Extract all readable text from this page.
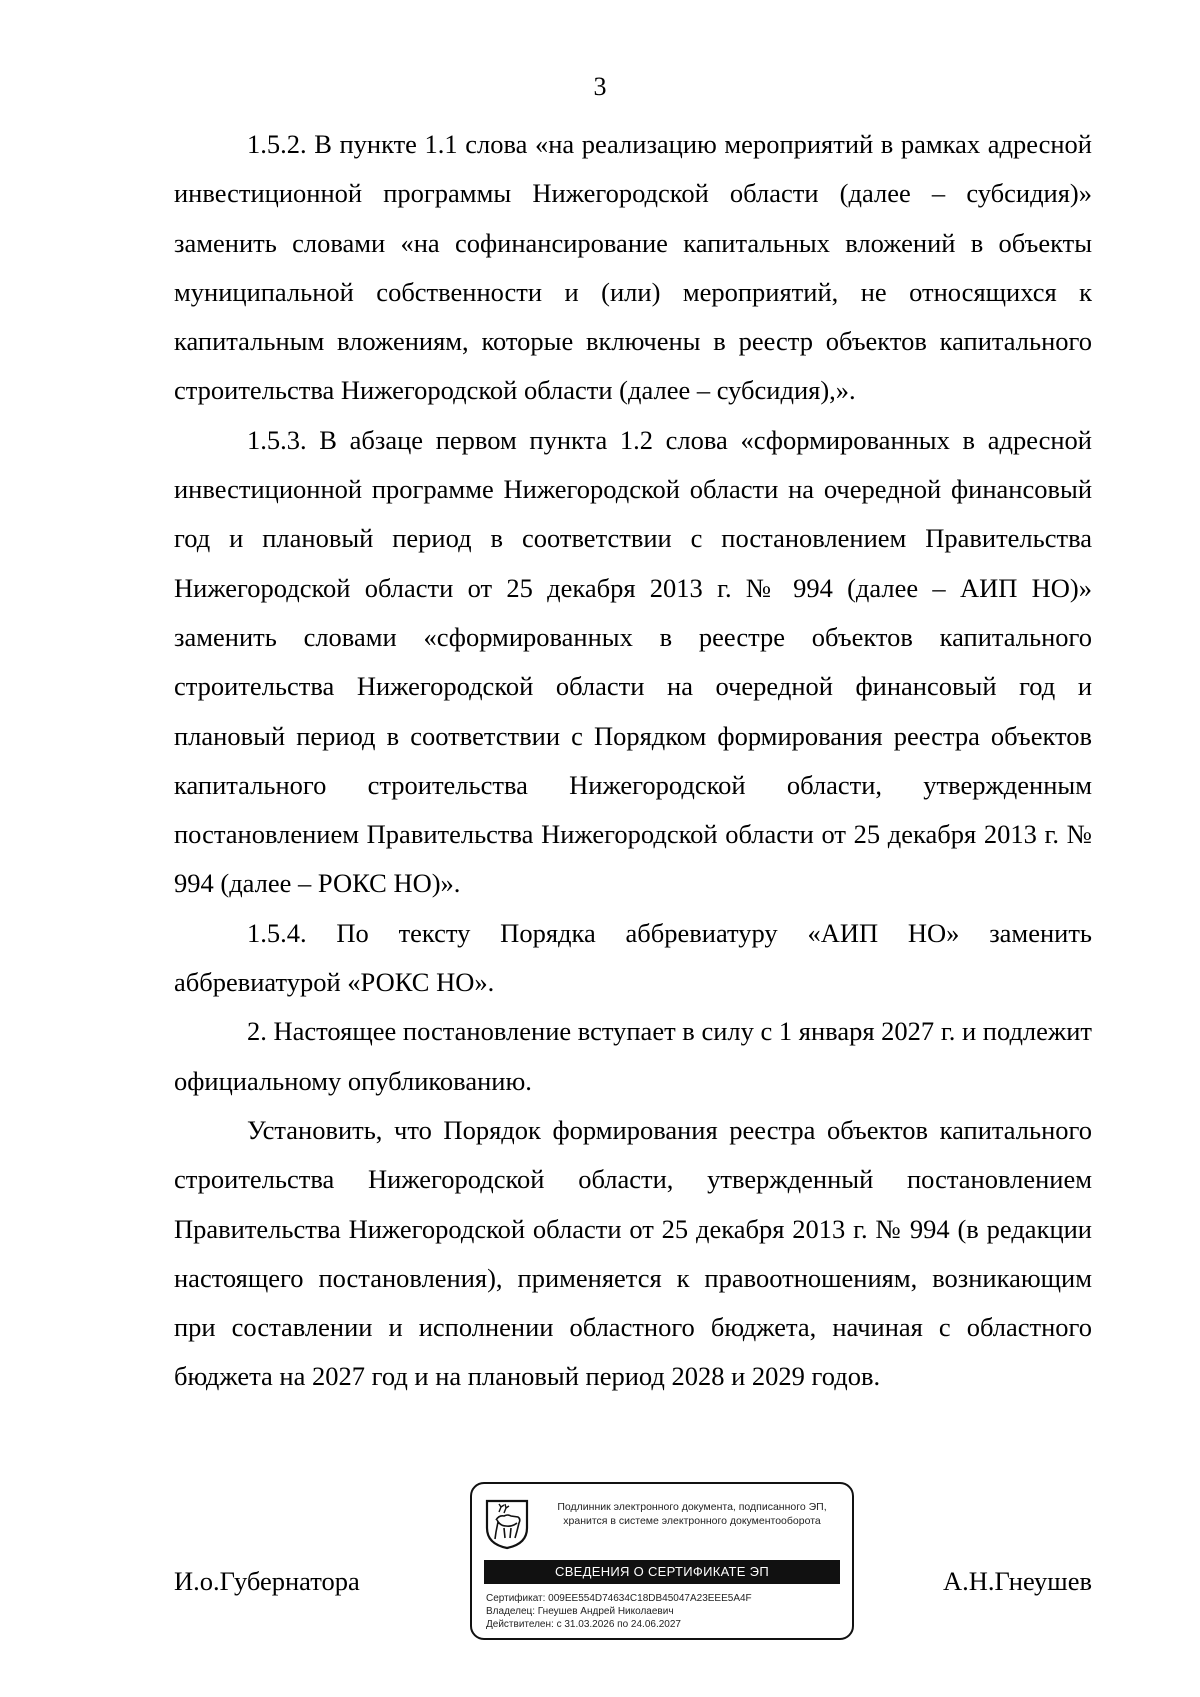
3

1.5.2. В пункте 1.1 слова «на реализацию мероприятий в рамках адресной инвестиционной программы Нижегородской области (далее – субсидия)» заменить словами «на софинансирование капитальных вложений в объекты муниципальной собственности и (или) мероприятий, не относящихся к капитальным вложениям, которые включены в реестр объектов капитального строительства Нижегородской области (далее – субсидия),».

1.5.3. В абзаце первом пункта 1.2 слова «сформированных в адресной инвестиционной программе Нижегородской области на очередной финансовый год и плановый период в соответствии с постановлением Правительства Нижегородской области от 25 декабря 2013 г. № 994 (далее – АИП НО)» заменить словами «сформированных в реестре объектов капитального строительства Нижегородской области на очередной финансовый год и плановый период в соответствии с Порядком формирования реестра объектов капитального строительства Нижегородской области, утвержденным постановлением Правительства Нижегородской области от 25 декабря 2013 г. № 994 (далее – РОКС НО)».

1.5.4. По тексту Порядка аббревиатуру «АИП НО» заменить аббревиатурой «РОКС НО».

2. Настоящее постановление вступает в силу с 1 января 2027 г. и подлежит официальному опубликованию.

Установить, что Порядок формирования реестра объектов капитального строительства Нижегородской области, утвержденный постановлением Правительства Нижегородской области от 25 декабря 2013 г. № 994 (в редакции настоящего постановления), применяется к правоотношениям, возникающим при составлении и исполнении областного бюджета, начиная с областного бюджета на 2027 год и на плановый период 2028 и 2029 годов.

И.о.Губернатора
Подлинник электронного документа, подписанного ЭП,
хранится в системе электронного документооборота
СВЕДЕНИЯ О СЕРТИФИКАТЕ ЭП
Сертификат: 009EE554D74634C18DB45047A23EEE5A4F
Владелец: Гнеушев Андрей Николаевич
Действителен: с 31.03.2026 по 24.06.2027
А.Н.Гнеушев
